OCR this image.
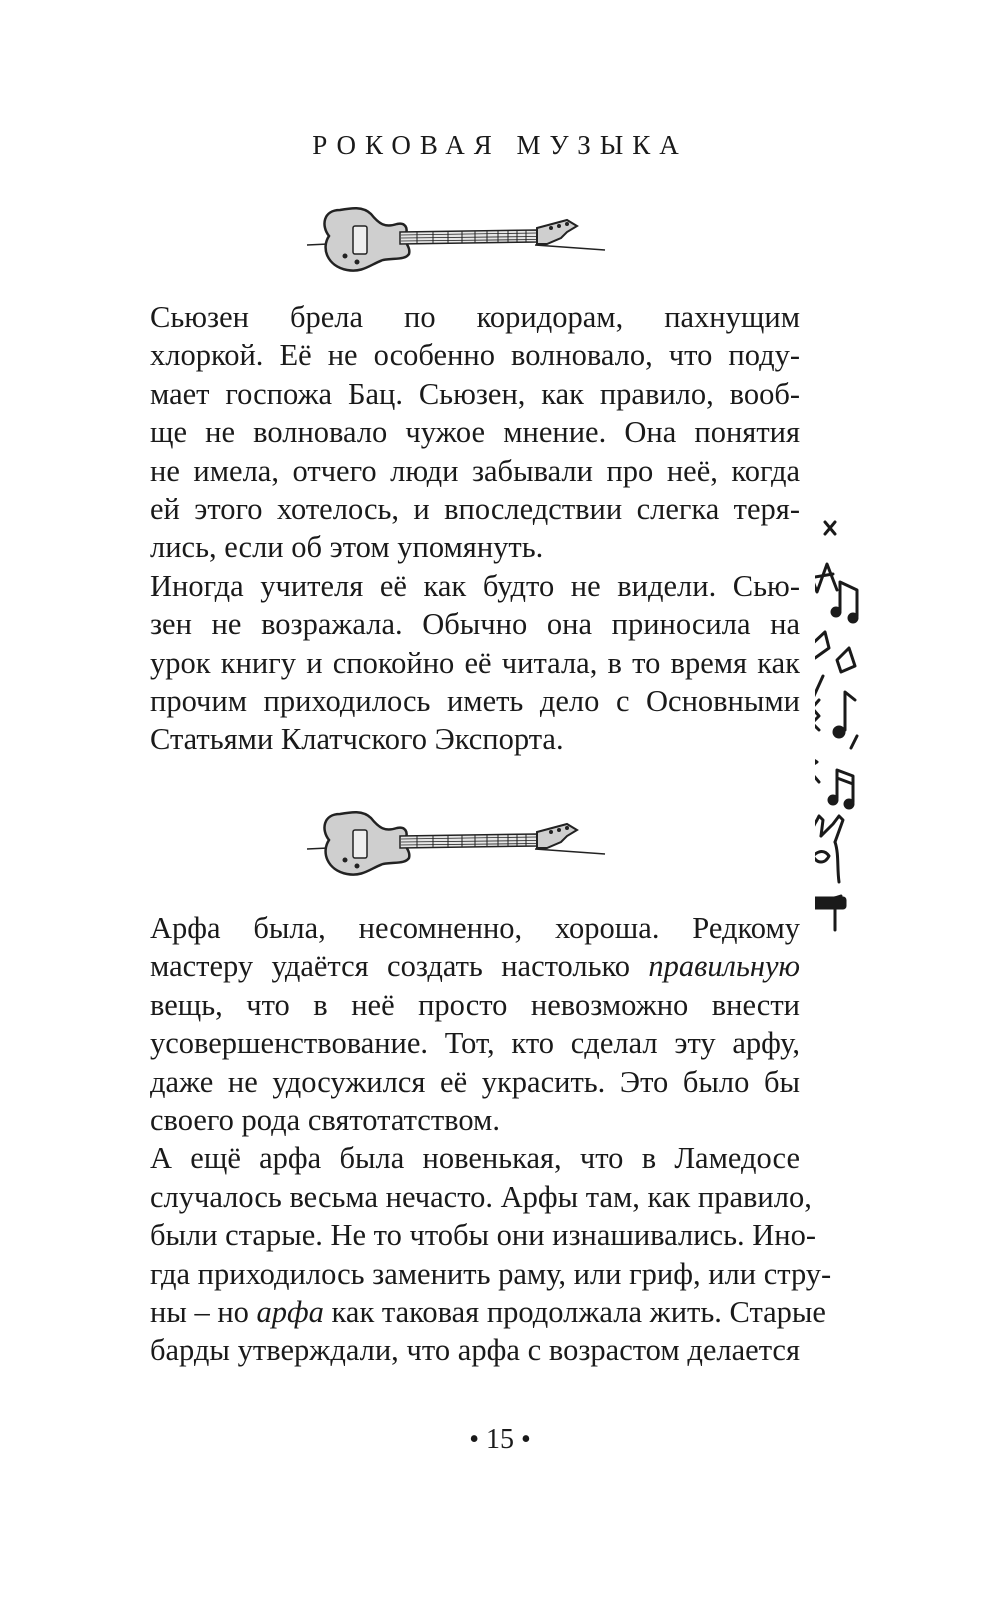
РОКОВАЯ МУЗЫКА

Сьюзен брела по коридорам, пахнущим
хлоркой. Её не особенно волновало, что поду-
мает госпожа Бац. Сьюзен, как правило, вооб-
ще не волновало чужое мнение. Она понятия
не имела, отчего люди забывали про неё, когда
ей этого хотелось, и впоследствии слегка теря-
лись, если об этом упомянуть.

Иногда учителя её как будто не видели. Сью-
зен не возражала. Обычно она приносила на
урок книгу и спокойно её читала, в то время как
прочим приходилось иметь дело с Основными
Статьями Клатчского Экспорта.

Арфа была, несомненно, хороша. Редкому
мастеру удаётся создать настолько правильную
вещь, что в неё просто невозможно внести
усовершенствование. Тот, кто сделал эту арфу,
даже не удосужился её украсить. Это было бы
своего рода святотатством.

А ещё арфа была новенькая, что в Ламедосе
случалось весьма нечасто. Арфы там, как правило,
были старые. Не то чтобы они изнашивались. Ино-
гда приходилось заменить раму, или гриф, или стру-
ны – но арфа как таковая продолжала жить. Старые
барды утверждали, что арфа с возрастом делается

• 15 •
